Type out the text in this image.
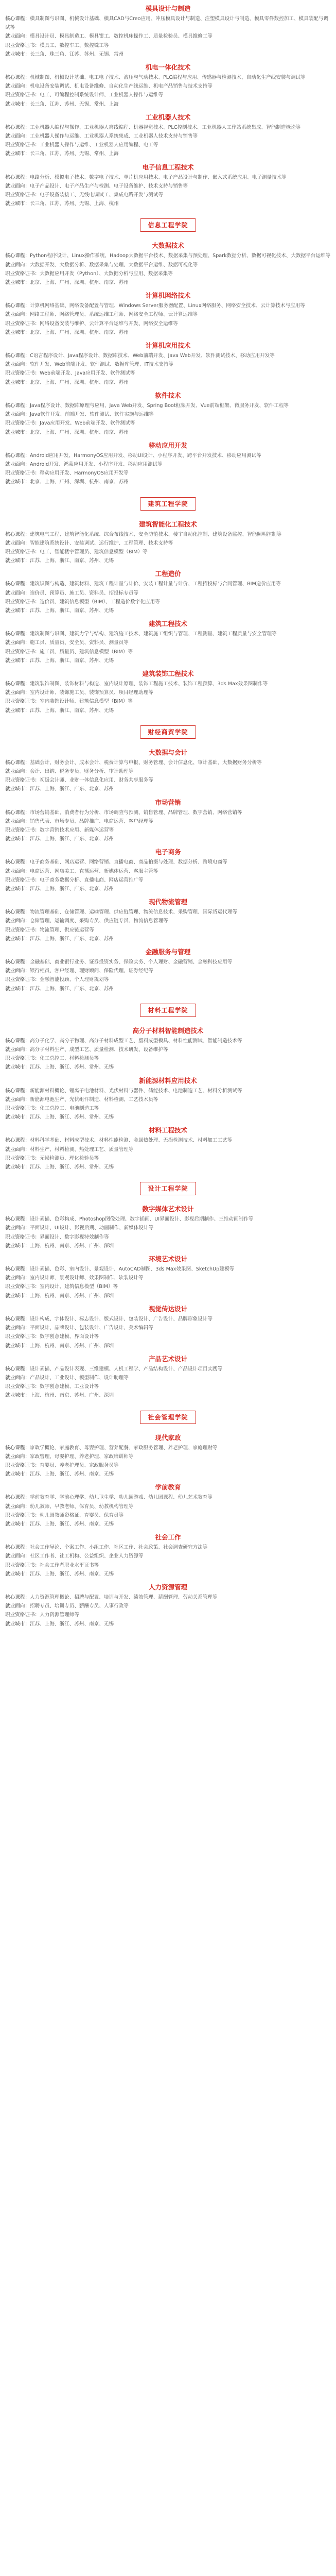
模具设计与制造
核心课程：模具制图与识图、机械设计基础、模具CAD与Creo应用、冲压模具设计与制造、注塑模具设计与制造、模具零件数控加工、模具装配与调试等
就业面向：模具设计员、模具制造工、模具钳工、数控机床操作工、质量检验员、模具维修工等
职业资格证书：模具工、数控车工、数控铣工等
就业城市：长三角、珠三角、江苏、苏州、无锡、常州
机电一体化技术
核心课程：机械制图、机械设计基础、电工电子技术、液压与气动技术、PLC编程与应用、传感器与检测技术、自动化生产线安装与调试等
就业面向：机电设备安装调试、机电设备维修、自动化生产线运维、机电产品销售与技术支持等
职业资格证书：电工、可编程控制系统设计师、工业机器人操作与运维等
就业城市：长三角、江苏、苏州、无锡、常州、上海
工业机器人技术
核心课程：工业机器人编程与操作、工业机器人离线编程、机器视觉技术、PLC控制技术、工业机器人工作站系统集成、智能制造概论等
就业面向：工业机器人操作与运维、工业机器人系统集成、工业机器人技术支持与销售等
职业资格证书：工业机器人操作与运维、工业机器人应用编程、电工等
就业城市：长三角、江苏、苏州、无锡、常州、上海
电子信息工程技术
核心课程：电路分析、模拟电子技术、数字电子技术、单片机应用技术、电子产品设计与制作、嵌入式系统应用、电子测量技术等
就业面向：电子产品设计、电子产品生产与检测、电子设备维护、技术支持与销售等
职业资格证书：电子设备装接工、无线电调试工、集成电路开发与测试等
就业城市：长三角、江苏、苏州、无锡、上海、杭州
信息工程学院
大数据技术
核心课程：Python程序设计、Linux操作系统、Hadoop大数据平台技术、数据采集与预处理、Spark数据分析、数据可视化技术、大数据平台运维等
就业面向：大数据开发、大数据分析、数据采集与处理、大数据平台运维、数据可视化等
职业资格证书：大数据应用开发（Python）、大数据分析与应用、数据采集等
就业城市：北京、上海、广州、深圳、杭州、南京、苏州
计算机网络技术
核心课程：计算机网络基础、网络设备配置与管理、Windows Server服务器配置、Linux网络服务、网络安全技术、云计算技术与应用等
就业面向：网络工程师、网络管理员、系统运维工程师、网络安全工程师、云计算运维等
职业资格证书：网络设备安装与维护、云计算平台运维与开发、网络安全运维等
就业城市：北京、上海、广州、深圳、杭州、南京、苏州
计算机应用技术
核心课程：C语言程序设计、Java程序设计、数据库技术、Web前端开发、Java Web开发、软件测试技术、移动应用开发等
就业面向：软件开发、Web前端开发、软件测试、数据库管理、IT技术支持等
职业资格证书：Web前端开发、Java应用开发、软件测试等
就业城市：北京、上海、广州、深圳、杭州、南京、苏州
软件技术
核心课程：Java程序设计、数据库原理与应用、Java Web开发、Spring Boot框架开发、Vue前端框架、微服务开发、软件工程等
就业面向：Java软件开发、前端开发、软件测试、软件实施与运维等
职业资格证书：Java应用开发、Web前端开发、软件测试等
就业城市：北京、上海、广州、深圳、杭州、南京、苏州
移动应用开发
核心课程：Android应用开发、HarmonyOS应用开发、移动UI设计、小程序开发、跨平台开发技术、移动应用测试等
就业面向：Android开发、鸿蒙应用开发、小程序开发、移动应用测试等
职业资格证书：移动应用开发、HarmonyOS应用开发等
就业城市：北京、上海、广州、深圳、杭州、南京、苏州
建筑工程学院
建筑智能化工程技术
核心课程：建筑电气工程、建筑智能化系统、综合布线技术、安全防范技术、楼宇自动化控制、建筑设备监控、智能照明控制等
就业面向：智能建筑系统设计、安装调试、运行维护、工程管理、技术支持等
职业资格证书：电工、智能楼宇管理员、建筑信息模型（BIM）等
就业城市：江苏、上海、浙江、南京、苏州、无锡
工程造价
核心课程：建筑识图与构造、建筑材料、建筑工程计量与计价、安装工程计量与计价、工程招投标与合同管理、BIM造价应用等
就业面向：造价员、预算员、施工员、资料员、招投标专员等
职业资格证书：造价员、建筑信息模型（BIM）、工程造价数字化应用等
就业城市：江苏、上海、浙江、南京、苏州、无锡
建筑工程技术
核心课程：建筑制图与识图、建筑力学与结构、建筑施工技术、建筑施工组织与管理、工程测量、建筑工程质量与安全管理等
就业面向：施工员、质量员、安全员、资料员、测量员等
职业资格证书：施工员、质量员、建筑信息模型（BIM）等
就业城市：江苏、上海、浙江、南京、苏州、无锡
建筑装饰工程技术
核心课程：建筑装饰制图、装饰材料与构造、室内设计原理、装饰工程施工技术、装饰工程预算、3ds Max效果图制作等
就业面向：室内设计师、装饰施工员、装饰预算员、项目经理助理等
职业资格证书：室内装饰设计师、建筑信息模型（BIM）等
就业城市：江苏、上海、浙江、南京、苏州、无锡
财经商贸学院
大数据与会计
核心课程：基础会计、财务会计、成本会计、税费计算与申报、财务管理、会计信息化、审计基础、大数据财务分析等
就业面向：会计、出纳、税务专员、财务分析、审计助理等
职业资格证书：初级会计师、业财一体信息化应用、财务共享服务等
就业城市：江苏、上海、浙江、广东、北京、苏州
市场营销
核心课程：市场营销基础、消费者行为分析、市场调查与预测、销售管理、品牌管理、数字营销、网络营销等
就业面向：销售代表、市场专员、品牌推广、电商运营、客户经理等
职业资格证书：数字营销技术应用、新媒体运营等
就业城市：江苏、上海、浙江、广东、北京、苏州
电子商务
核心课程：电子商务基础、网店运营、网络营销、直播电商、商品拍摄与处理、数据分析、跨境电商等
就业面向：电商运营、网店美工、直播运营、新媒体运营、客服主管等
职业资格证书：电子商务数据分析、直播电商、网店运营推广等
就业城市：江苏、上海、浙江、广东、北京、苏州
现代物流管理
核心课程：物流管理基础、仓储管理、运输管理、供应链管理、物流信息技术、采购管理、国际货运代理等
就业面向：仓储管理、运输调度、采购专员、供应链专员、物流信息管理等
职业资格证书：物流管理、供应链运营等
就业城市：江苏、上海、浙江、广东、北京、苏州
金融服务与管理
核心课程：金融基础、商业银行业务、证券投资实务、保险实务、个人理财、金融营销、金融科技应用等
就业面向：银行柜员、客户经理、理财顾问、保险代理、证券经纪等
职业资格证书：金融智能投顾、个人理财规划等
就业城市：江苏、上海、浙江、广东、北京、苏州
材料工程学院
高分子材料智能制造技术
核心课程：高分子化学、高分子物理、高分子材料成型工艺、塑料成型模具、材料性能测试、智能制造技术等
就业面向：高分子材料生产、成型工艺、质量检测、技术研发、设备维护等
职业资格证书：化工总控工、材料检测员等
就业城市：江苏、上海、浙江、苏州、常州、无锡
新能源材料应用技术
核心课程：新能源材料概论、锂离子电池材料、光伏材料与器件、储能技术、电池制造工艺、材料分析测试等
就业面向：新能源电池生产、光伏组件制造、材料检测、工艺技术员等
职业资格证书：化工总控工、电池制造工等
就业城市：江苏、上海、浙江、苏州、常州、无锡
材料工程技术
核心课程：材料科学基础、材料成型技术、材料性能检测、金属热处理、无损检测技术、材料加工工艺等
就业面向：材料生产、材料检测、热处理工艺、质量管理等
职业资格证书：无损检测员、理化检验员等
就业城市：江苏、上海、浙江、苏州、常州、无锡
设计工程学院
数字媒体艺术设计
核心课程：设计素描、色彩构成、Photoshop图像处理、数字插画、UI界面设计、影视后期制作、三维动画制作等
就业面向：平面设计、UI设计、影视后期、动画制作、新媒体设计等
职业资格证书：界面设计、数字影视特效制作等
就业城市：上海、杭州、南京、苏州、广州、深圳
环境艺术设计
核心课程：设计素描、色彩、室内设计、景观设计、AutoCAD制图、3ds Max效果图、SketchUp建模等
就业面向：室内设计师、景观设计师、效果图制作、软装设计等
职业资格证书：室内设计、建筑信息模型（BIM）等
就业城市：上海、杭州、南京、苏州、广州、深圳
视觉传达设计
核心课程：设计构成、字体设计、标志设计、版式设计、包装设计、广告设计、品牌形象设计等
就业面向：平面设计、品牌设计、包装设计、广告设计、美术编辑等
职业资格证书：数字创意建模、界面设计等
就业城市：上海、杭州、南京、苏州、广州、深圳
产品艺术设计
核心课程：设计素描、产品设计表现、三维建模、人机工程学、产品结构设计、产品设计项目实践等
就业面向：产品设计、工业设计、模型制作、设计助理等
职业资格证书：数字创意建模、工业设计等
就业城市：上海、杭州、南京、苏州、广州、深圳
社会管理学院
现代家政
核心课程：家政学概论、家庭教育、母婴护理、营养配餐、家政服务管理、养老护理、家庭理财等
就业面向：家政管理、母婴护理、养老护理、家政培训师等
职业资格证书：育婴员、养老护理员、家政服务员等
就业城市：江苏、上海、浙江、苏州、南京、无锡
学前教育
核心课程：学前教育学、学前心理学、幼儿卫生学、幼儿园游戏、幼儿园课程、幼儿艺术教育等
就业面向：幼儿教师、早教老师、保育员、幼教机构管理等
职业资格证书：幼儿园教师资格证、育婴员、保育员等
就业城市：江苏、上海、浙江、苏州、南京、无锡
社会工作
核心课程：社会工作导论、个案工作、小组工作、社区工作、社会政策、社会调查研究方法等
就业面向：社区工作者、社工机构、公益组织、企业人力资源等
职业资格证书：社会工作者职业水平证书等
就业城市：江苏、上海、浙江、苏州、南京、无锡
人力资源管理
核心课程：人力资源管理概论、招聘与配置、培训与开发、绩效管理、薪酬管理、劳动关系管理等
就业面向：招聘专员、培训专员、薪酬专员、人事行政等
职业资格证书：人力资源管理师等
就业城市：江苏、上海、浙江、苏州、南京、无锡
